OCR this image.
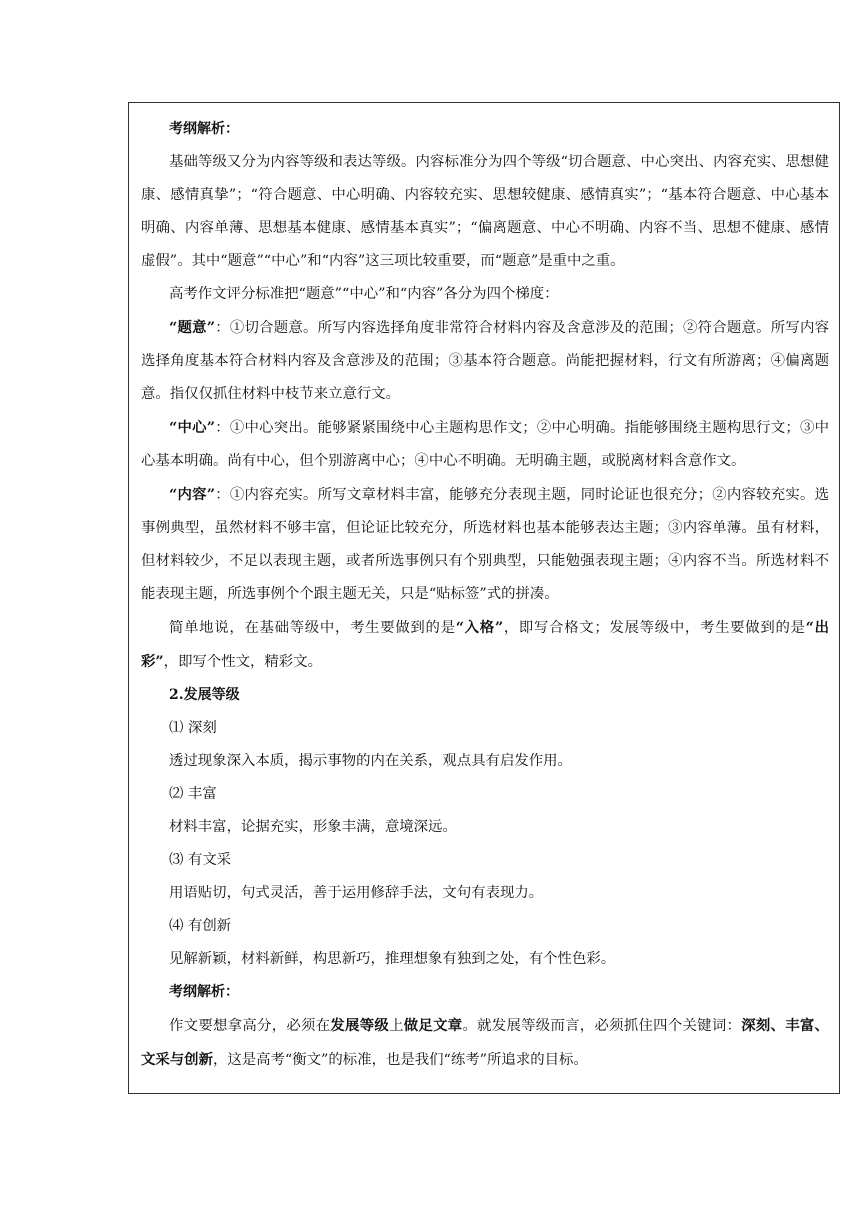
考纲解析：

基础等级又分为内容等级和表达等级。内容标准分为四个等级“切合题意、中心突出、内容充实、思想健康、感情真挚”；“符合题意、中心明确、内容较充实、思想较健康、感情真实”；“基本符合题意、中心基本明确、内容单薄、思想基本健康、感情基本真实”；“偏离题意、中心不明确、内容不当、思想不健康、感情虚假”。其中“题意”“中心”和“内容”这三项比较重要，而“题意”是重中之重。

高考作文评分标准把“题意”“中心”和“内容”各分为四个梯度：

“题意”：①切合题意。所写内容选择角度非常符合材料内容及含意涉及的范围；②符合题意。所写内容选择角度基本符合材料内容及含意涉及的范围；③基本符合题意。尚能把握材料，行文有所游离；④偏离题意。指仅仅抓住材料中枝节来立意行文。

“中心”：①中心突出。能够紧紧围绕中心主题构思作文；②中心明确。指能够围绕主题构思行文；③中心基本明确。尚有中心，但个别游离中心；④中心不明确。无明确主题，或脱离材料含意作文。

“内容”：①内容充实。所写文章材料丰富，能够充分表现主题，同时论证也很充分；②内容较充实。选事例典型，虽然材料不够丰富，但论证比较充分，所选材料也基本能够表达主题；③内容单薄。虽有材料，但材料较少，不足以表现主题，或者所选事例只有个别典型，只能勉强表现主题；④内容不当。所选材料不能表现主题，所选事例个个跟主题无关，只是“贴标签”式的拼凑。

简单地说，在基础等级中，考生要做到的是“入格”，即写合格文；发展等级中，考生要做到的是“出彩”，即写个性文，精彩文。

2.发展等级

⑴ 深刻

透过现象深入本质，揭示事物的内在关系，观点具有启发作用。

⑵ 丰富

材料丰富，论据充实，形象丰满，意境深远。

⑶ 有文采

用语贴切，句式灵活，善于运用修辞手法，文句有表现力。

⑷ 有创新

见解新颖，材料新鲜，构思新巧，推理想象有独到之处，有个性色彩。

考纲解析：

作文要想拿高分，必须在发展等级上做足文章。就发展等级而言，必须抓住四个关键词：深刻、丰富、文采与创新，这是高考“衡文”的标准，也是我们“练考”所追求的目标。
